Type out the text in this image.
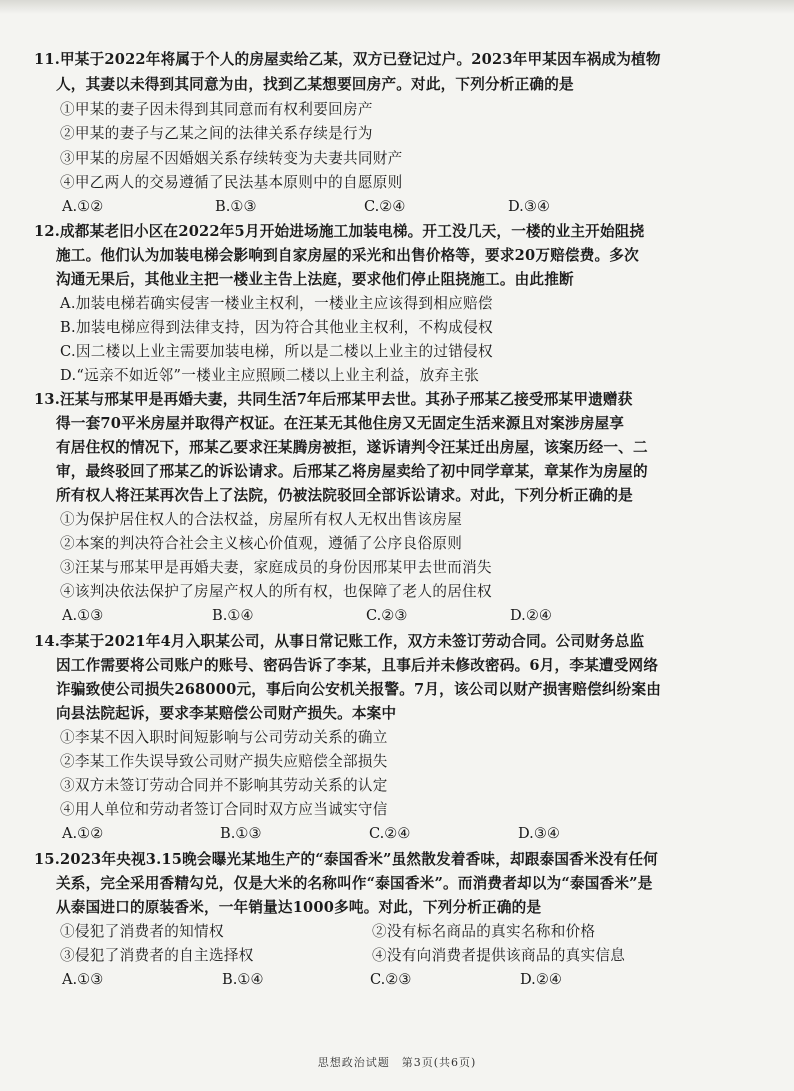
11.甲某于2022年将属于个人的房屋卖给乙某，双方已登记过户。2023年甲某因车祸成为植物
人，其妻以未得到其同意为由，找到乙某想要回房产。对此，下列分析正确的是
①甲某的妻子因未得到其同意而有权利要回房产
②甲某的妻子与乙某之间的法律关系存续是行为
③甲某的房屋不因婚姻关系存续转变为夫妻共同财产
④甲乙两人的交易遵循了民法基本原则中的自愿原则
A.①②	B.①③	C.②④	D.③④
12.成都某老旧小区在2022年5月开始进场施工加装电梯。开工没几天，一楼的业主开始阻挠
施工。他们认为加装电梯会影响到自家房屋的采光和出售价格等，要求20万赔偿费。多次
沟通无果后，其他业主把一楼业主告上法庭，要求他们停止阻挠施工。由此推断
A.加装电梯若确实侵害一楼业主权利，一楼业主应该得到相应赔偿
B.加装电梯应得到法律支持，因为符合其他业主权利，不构成侵权
C.因二楼以上业主需要加装电梯，所以是二楼以上业主的过错侵权
D.“远亲不如近邻”一楼业主应照顾二楼以上业主利益，放弃主张
13.汪某与邢某甲是再婚夫妻，共同生活7年后邢某甲去世。其孙子邢某乙接受邢某甲遗赠获
得一套70平米房屋并取得产权证。在汪某无其他住房又无固定生活来源且对案涉房屋享
有居住权的情况下，邢某乙要求汪某腾房被拒，遂诉请判令汪某迁出房屋，该案历经一、二
审，最终驳回了邢某乙的诉讼请求。后邢某乙将房屋卖给了初中同学章某，章某作为房屋的
所有权人将汪某再次告上了法院，仍被法院驳回全部诉讼请求。对此，下列分析正确的是
①为保护居住权人的合法权益，房屋所有权人无权出售该房屋
②本案的判决符合社会主义核心价值观，遵循了公序良俗原则
③汪某与邢某甲是再婚夫妻，家庭成员的身份因邢某甲去世而消失
④该判决依法保护了房屋产权人的所有权，也保障了老人的居住权
A.①③	B.①④	C.②③	D.②④
14.李某于2021年4月入职某公司，从事日常记账工作，双方未签订劳动合同。公司财务总监
因工作需要将公司账户的账号、密码告诉了李某，且事后并未修改密码。6月，李某遭受网络
诈骗致使公司损失268000元，事后向公安机关报警。7月，该公司以财产损害赔偿纠纷案由
向县法院起诉，要求李某赔偿公司财产损失。本案中
①李某不因入职时间短影响与公司劳动关系的确立
②李某工作失误导致公司财产损失应赔偿全部损失
③双方未签订劳动合同并不影响其劳动关系的认定
④用人单位和劳动者签订合同时双方应当诚实守信
A.①②	B.①③	C.②④	D.③④
15.2023年央视3.15晚会曝光某地生产的“泰国香米”虽然散发着香味，却跟泰国香米没有任何
关系，完全采用香精勾兑，仅是大米的名称叫作“泰国香米”。而消费者却以为“泰国香米”是
从泰国进口的原装香米，一年销量达1000多吨。对此，下列分析正确的是
①侵犯了消费者的知情权	②没有标名商品的真实名称和价格
③侵犯了消费者的自主选择权	④没有向消费者提供该商品的真实信息
A.①③	B.①④	C.②③	D.②④
思想政治试题　第3页(共6页)
